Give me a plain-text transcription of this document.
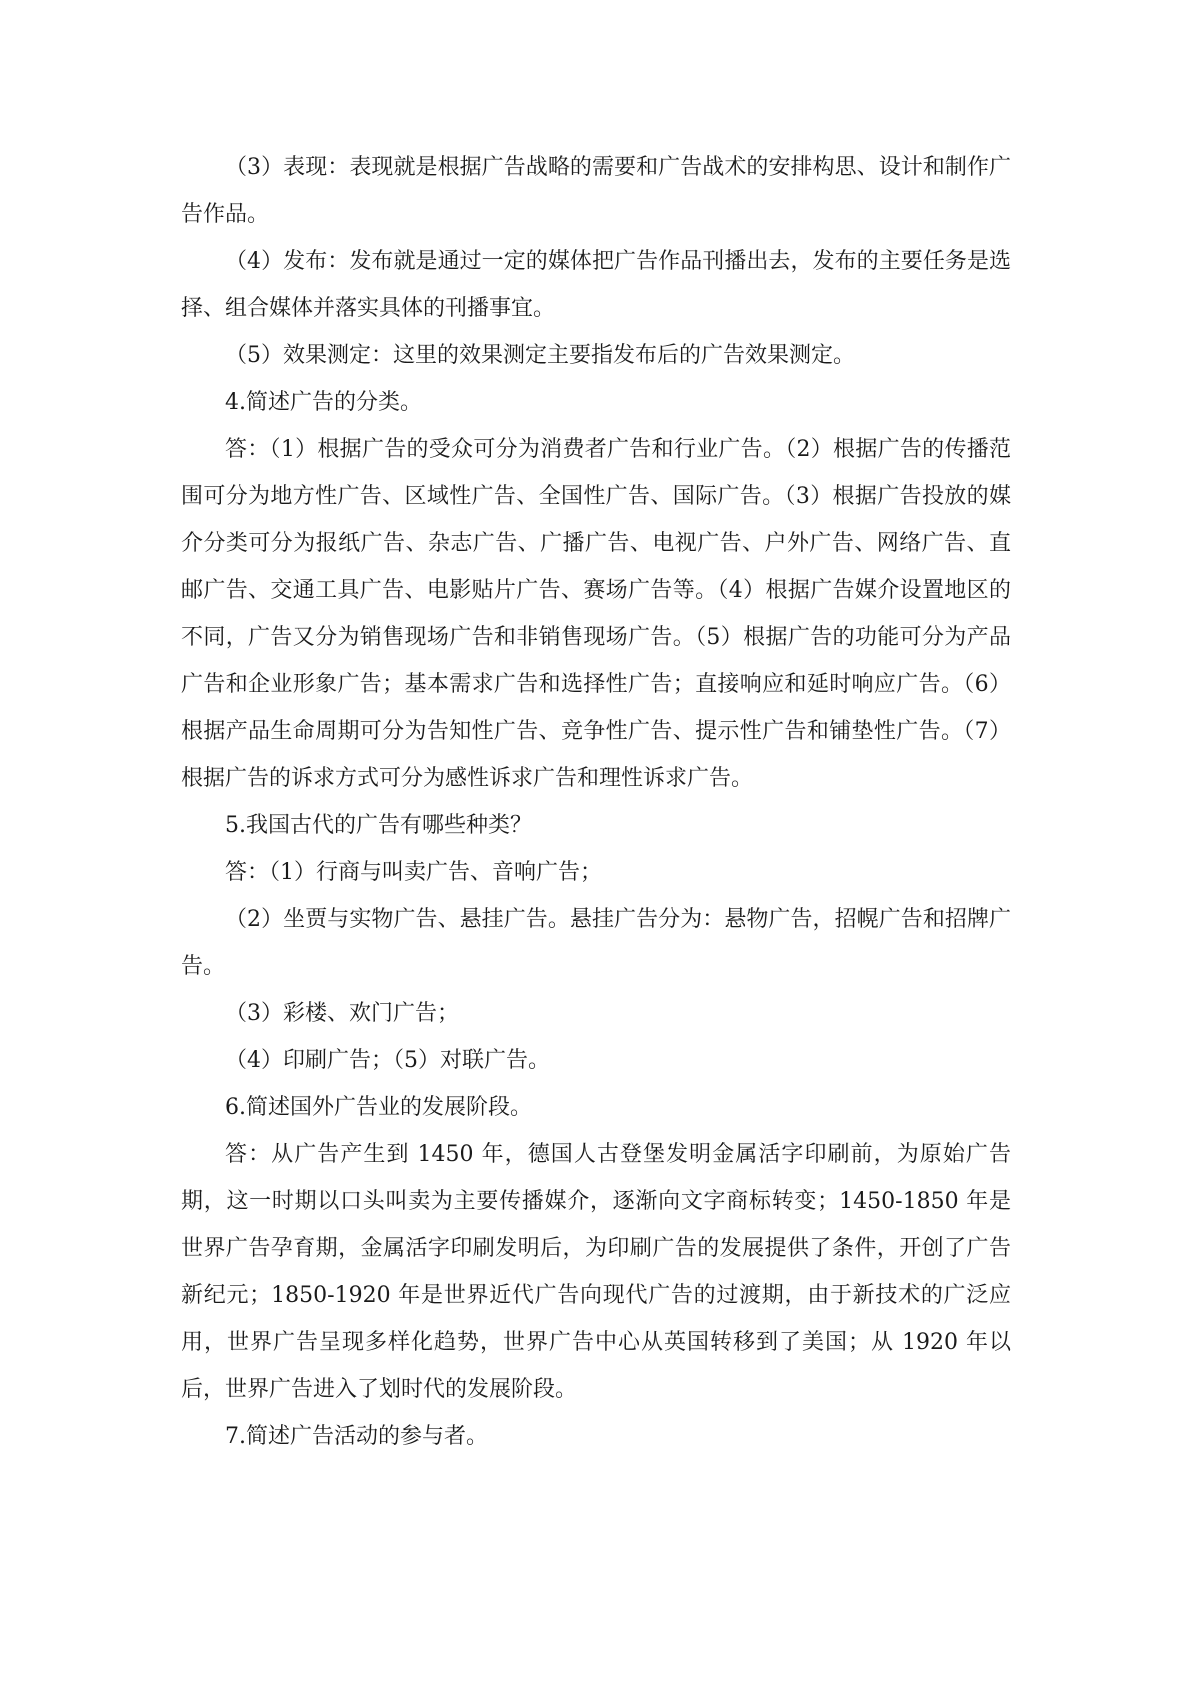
（3）表现：表现就是根据广告战略的需要和广告战术的安排构思、设计和制作广告作品。

（4）发布：发布就是通过一定的媒体把广告作品刊播出去，发布的主要任务是选择、组合媒体并落实具体的刊播事宜。

（5）效果测定：这里的效果测定主要指发布后的广告效果测定。

4.简述广告的分类。

答：（1）根据广告的受众可分为消费者广告和行业广告。（2）根据广告的传播范围可分为地方性广告、区域性广告、全国性广告、国际广告。（3）根据广告投放的媒介分类可分为报纸广告、杂志广告、广播广告、电视广告、户外广告、网络广告、直邮广告、交通工具广告、电影贴片广告、赛场广告等。（4）根据广告媒介设置地区的不同，广告又分为销售现场广告和非销售现场广告。（5）根据广告的功能可分为产品广告和企业形象广告；基本需求广告和选择性广告；直接响应和延时响应广告。（6）根据产品生命周期可分为告知性广告、竞争性广告、提示性广告和铺垫性广告。（7）根据广告的诉求方式可分为感性诉求广告和理性诉求广告。

5.我国古代的广告有哪些种类？

答：（1）行商与叫卖广告、音响广告；

（2）坐贾与实物广告、悬挂广告。悬挂广告分为：悬物广告，招幌广告和招牌广告。

（3）彩楼、欢门广告；

（4）印刷广告；（5）对联广告。

6.简述国外广告业的发展阶段。

答：从广告产生到 1450 年，德国人古登堡发明金属活字印刷前，为原始广告期，这一时期以口头叫卖为主要传播媒介，逐渐向文字商标转变；1450-1850 年是世界广告孕育期，金属活字印刷发明后，为印刷广告的发展提供了条件，开创了广告新纪元；1850-1920 年是世界近代广告向现代广告的过渡期，由于新技术的广泛应用，世界广告呈现多样化趋势，世界广告中心从英国转移到了美国；从 1920 年以后，世界广告进入了划时代的发展阶段。

7.简述广告活动的参与者。
